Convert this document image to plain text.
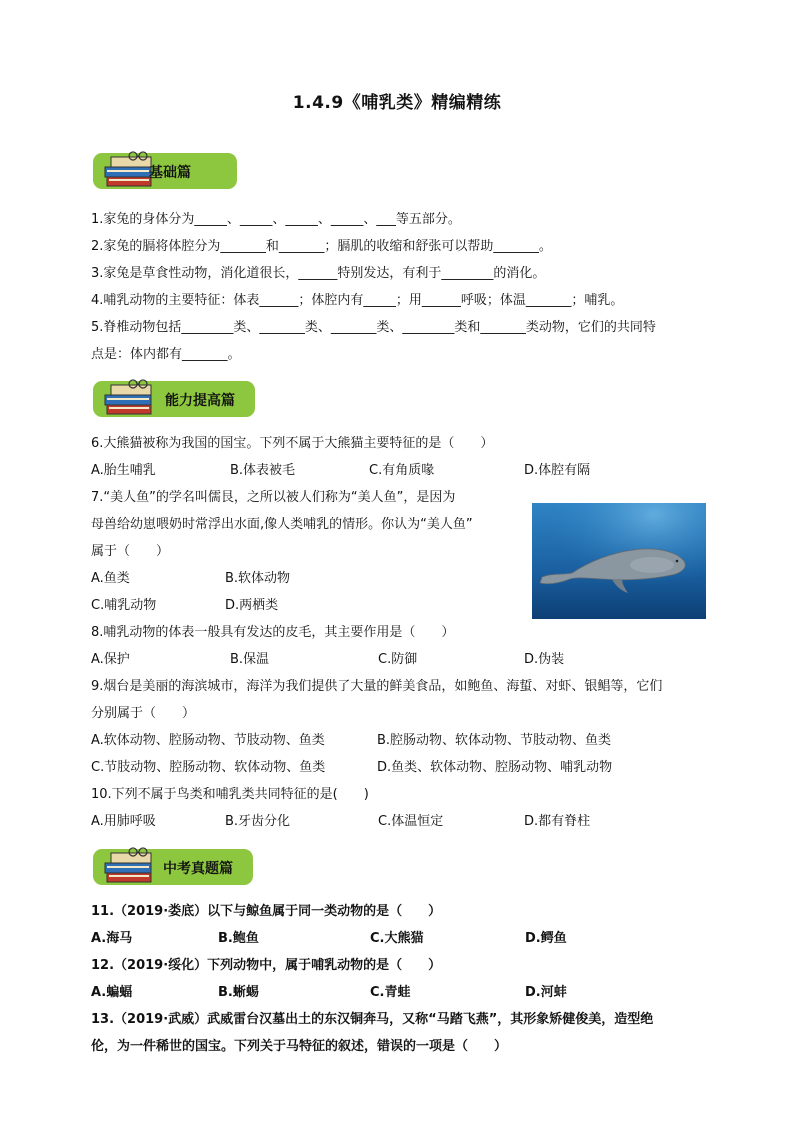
1.4.9《哺乳类》精编精练
基础篇
1.家兔的身体分为_____、_____、_____、_____、___等五部分。
2.家兔的膈将体腔分为_______和_______；膈肌的收缩和舒张可以帮助_______。
3.家兔是草食性动物，消化道很长，______特别发达，有利于________的消化。
4.哺乳动物的主要特征：体表______；体腔内有_____；用______呼吸；体温_______；哺乳。
5.脊椎动物包括________类、_______类、_______类、________类和_______类动物，它们的共同特
点是：体内都有_______。
能力提高篇
6.大熊猫被称为我国的国宝。下列不属于大熊猫主要特征的是（　　）
A.胎生哺乳	B.体表被毛	C.有角质喙	D.体腔有隔
7.“美人鱼”的学名叫儒艮，之所以被人们称为“美人鱼”，是因为
母兽给幼崽喂奶时常浮出水面,像人类哺乳的情形。你认为“美人鱼”
属于（　　）
A.鱼类	B.软体动物
C.哺乳动物	D.两栖类
8.哺乳动物的体表一般具有发达的皮毛，其主要作用是（　　）
A.保护	B.保温	C.防御	D.伪装
9.烟台是美丽的海滨城市，海洋为我们提供了大量的鲜美食品，如鲍鱼、海蜇、对虾、银鲳等，它们
分别属于（　　）
A.软体动物、腔肠动物、节肢动物、鱼类	B.腔肠动物、软体动物、节肢动物、鱼类
C.节肢动物、腔肠动物、软体动物、鱼类	D.鱼类、软体动物、腔肠动物、哺乳动物
10.下列不属于鸟类和哺乳类共同特征的是(　　)
A.用肺呼吸	B.牙齿分化	C.体温恒定	D.都有脊柱
中考真题篇
11.（2019·娄底）以下与鲸鱼属于同一类动物的是（　　）
A.海马	B.鲍鱼	C.大熊猫	D.鳄鱼
12.（2019·绥化）下列动物中，属于哺乳动物的是（　　）
A.蝙蝠	B.蜥蜴	C.青蛙	D.河蚌
13.（2019·武威）武威雷台汉墓出土的东汉铜奔马，又称“马踏飞燕”，其形象矫健俊美，造型绝
伦，为一件稀世的国宝。下列关于马特征的叙述，错误的一项是（　　）
